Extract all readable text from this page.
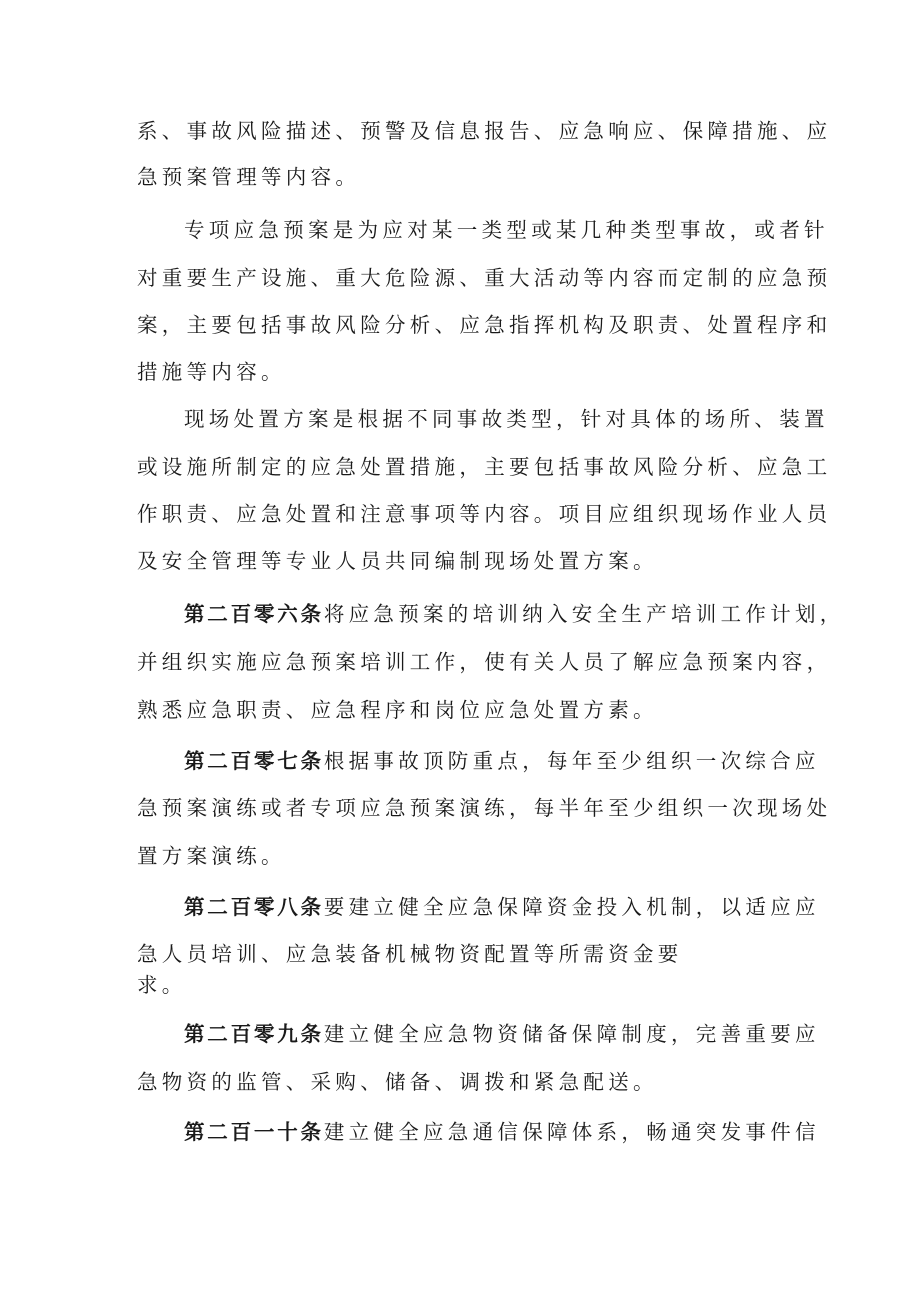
系、事故风险描述、预警及信息报告、应急响应、保障措施、应
急预案管理等内容。
专项应急预案是为应对某一类型或某几种类型事故，或者针
对重要生产设施、重大危险源、重大活动等内容而定制的应急预
案，主要包括事故风险分析、应急指挥机构及职责、处置程序和
措施等内容。
现场处置方案是根据不同事故类型，针对具体的场所、装置
或设施所制定的应急处置措施，主要包括事故风险分析、应急工
作职责、应急处置和注意事项等内容。项目应组织现场作业人员
及安全管理等专业人员共同编制现场处置方案。
第二百零六条将应急预案的培训纳入安全生产培训工作计划，
并组织实施应急预案培训工作，使有关人员了解应急预案内容，
熟悉应急职责、应急程序和岗位应急处置方素。
第二百零七条根据事故顶防重点，每年至少组织一次综合应
急预案演练或者专项应急预案演练，每半年至少组织一次现场处
置方案演练。
第二百零八条要建立健全应急保障资金投入机制，以适应应
急人员培训、应急装备机械物资配置等所需资金要
求。
第二百零九条建立健全应急物资储备保障制度，完善重要应
急物资的监管、采购、储备、调拨和紧急配送。
第二百一十条建立健全应急通信保障体系，畅通突发事件信
